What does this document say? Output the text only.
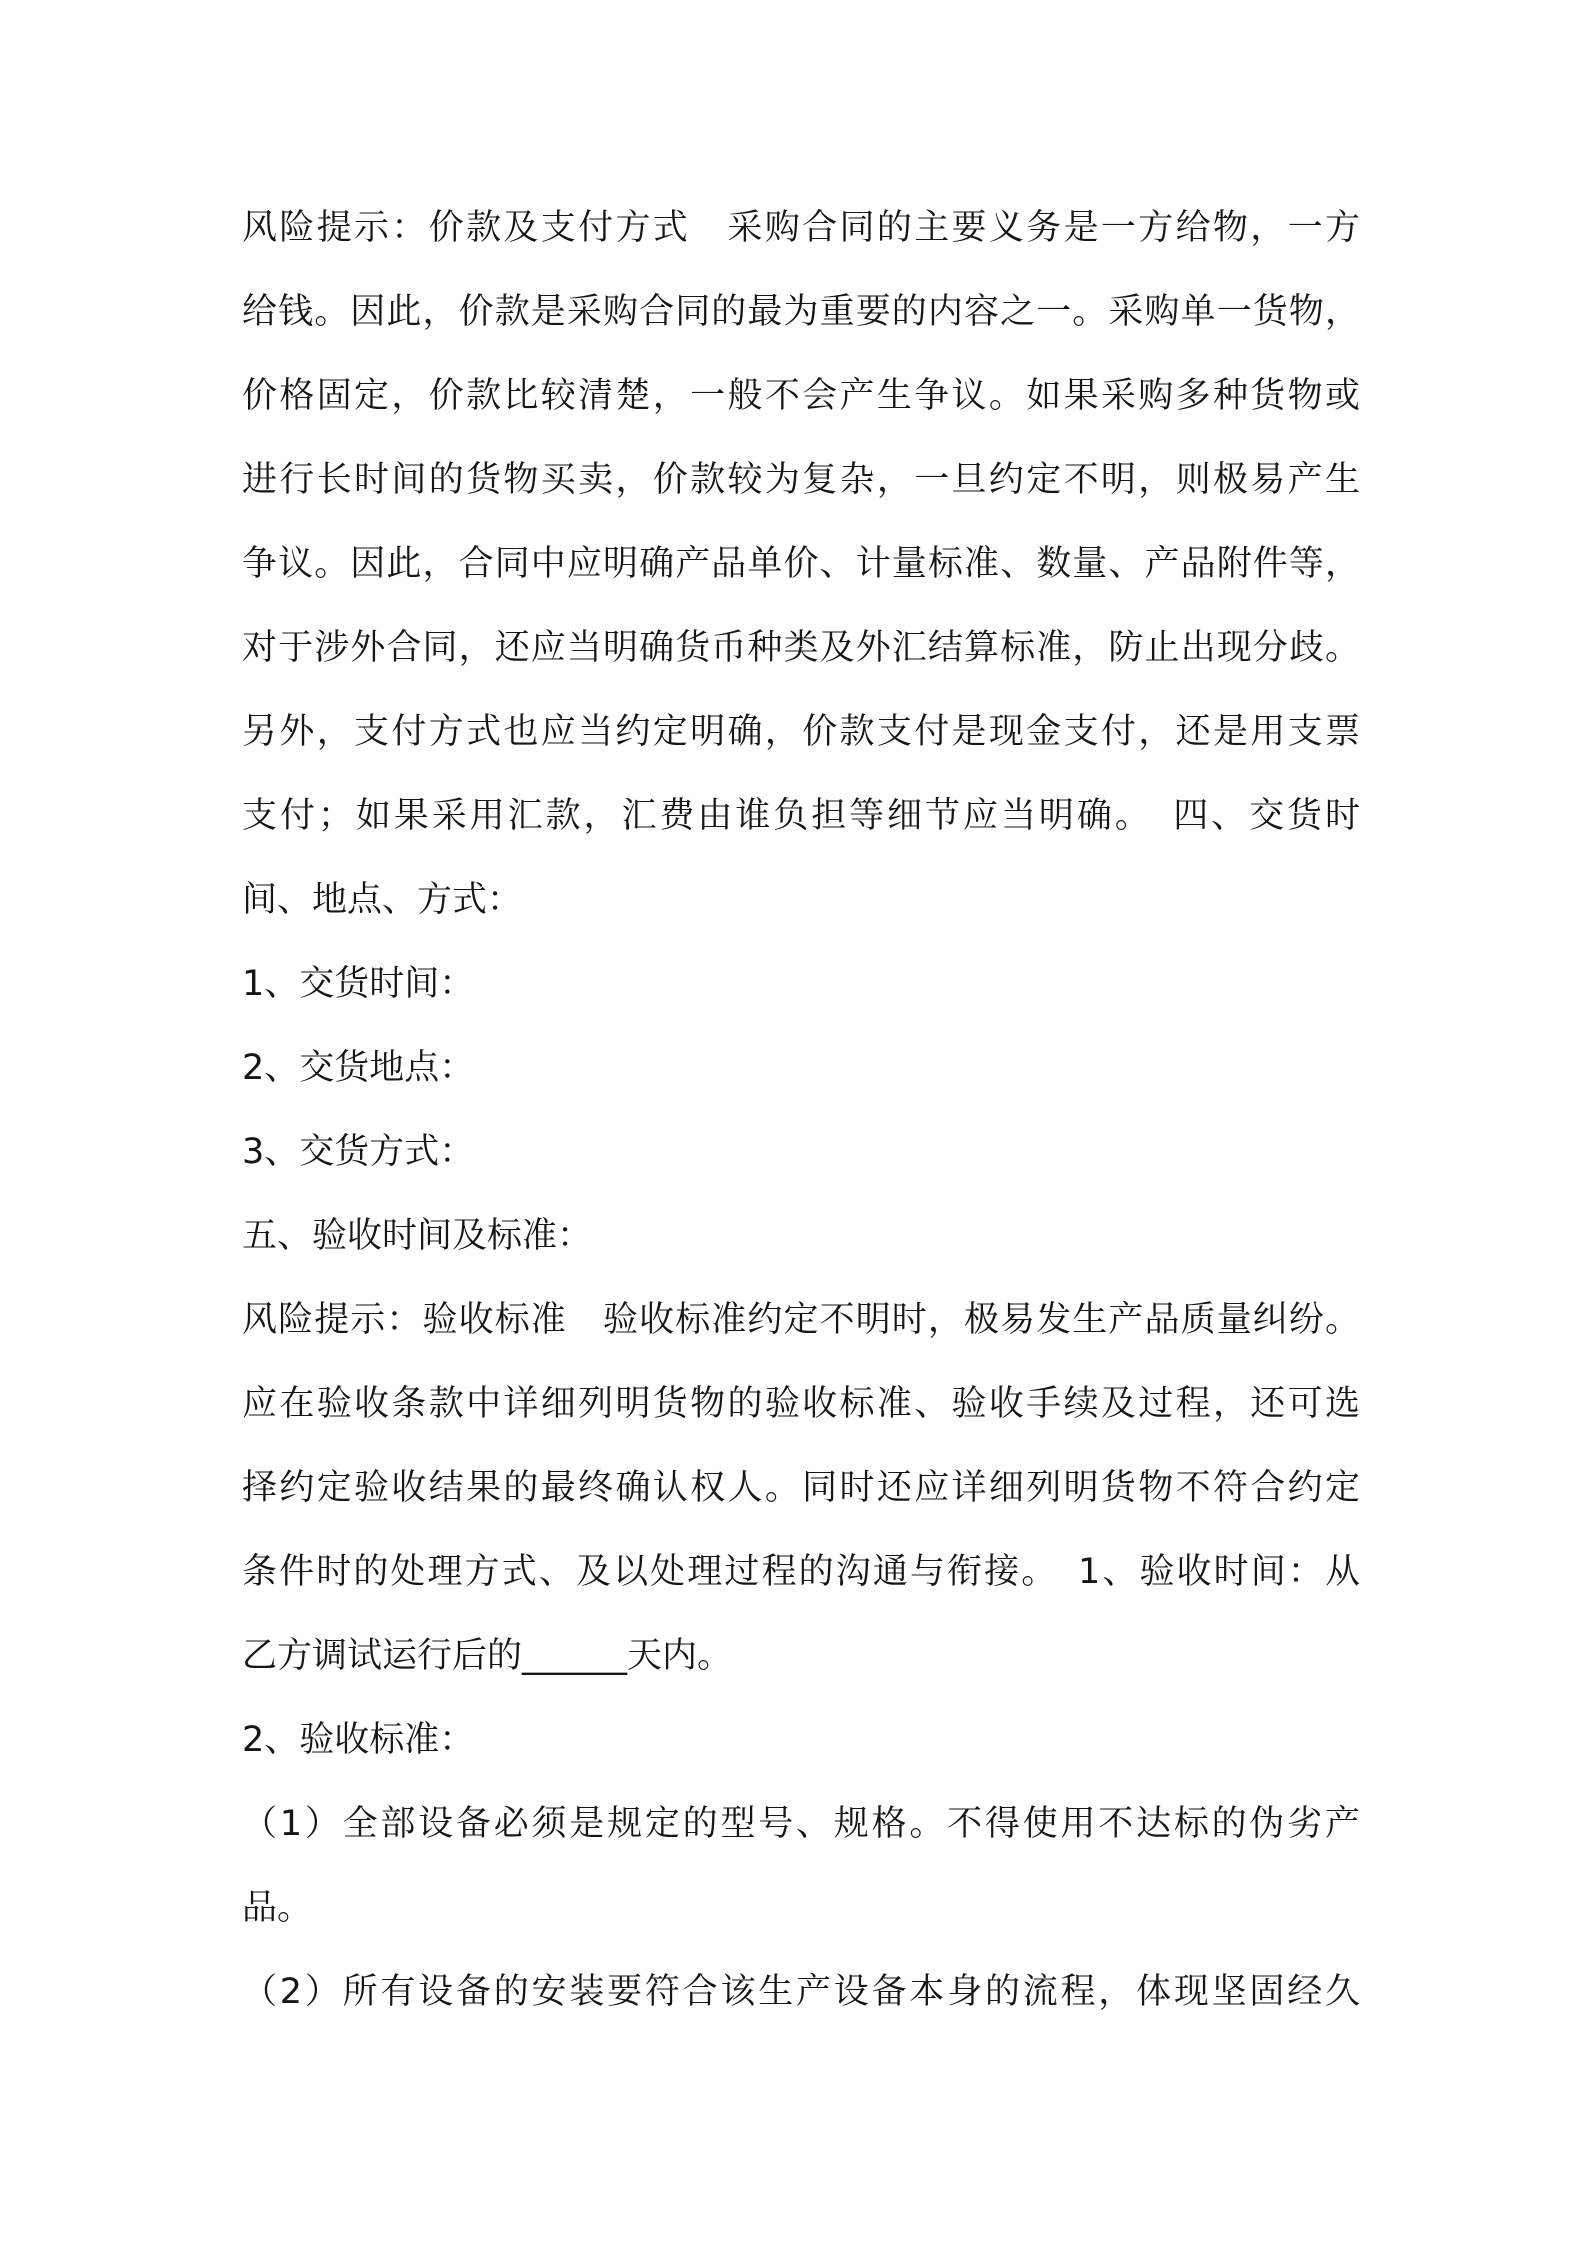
风险提示：价款及支付方式　采购合同的主要义务是一方给物，一方
给钱。因此，价款是采购合同的最为重要的内容之一。采购单一货物，
价格固定，价款比较清楚，一般不会产生争议。如果采购多种货物或
进行长时间的货物买卖，价款较为复杂，一旦约定不明，则极易产生
争议。因此，合同中应明确产品单价、计量标准、数量、产品附件等，
对于涉外合同，还应当明确货币种类及外汇结算标准，防止出现分歧。
另外，支付方式也应当约定明确，价款支付是现金支付，还是用支票
支付；如果采用汇款，汇费由谁负担等细节应当明确。　四、交货时
间、地点、方式：
1、交货时间：
2、交货地点：
3、交货方式：
五、验收时间及标准：
风险提示：验收标准　验收标准约定不明时，极易发生产品质量纠纷。
应在验收条款中详细列明货物的验收标准、验收手续及过程，还可选
择约定验收结果的最终确认权人。同时还应详细列明货物不符合约定
条件时的处理方式、及以处理过程的沟通与衔接。　1、验收时间：从
乙方调试运行后的______天内。
2、验收标准：
（1）全部设备必须是规定的型号、规格。不得使用不达标的伪劣产
品。
（2）所有设备的安装要符合该生产设备本身的流程，体现坚固经久
